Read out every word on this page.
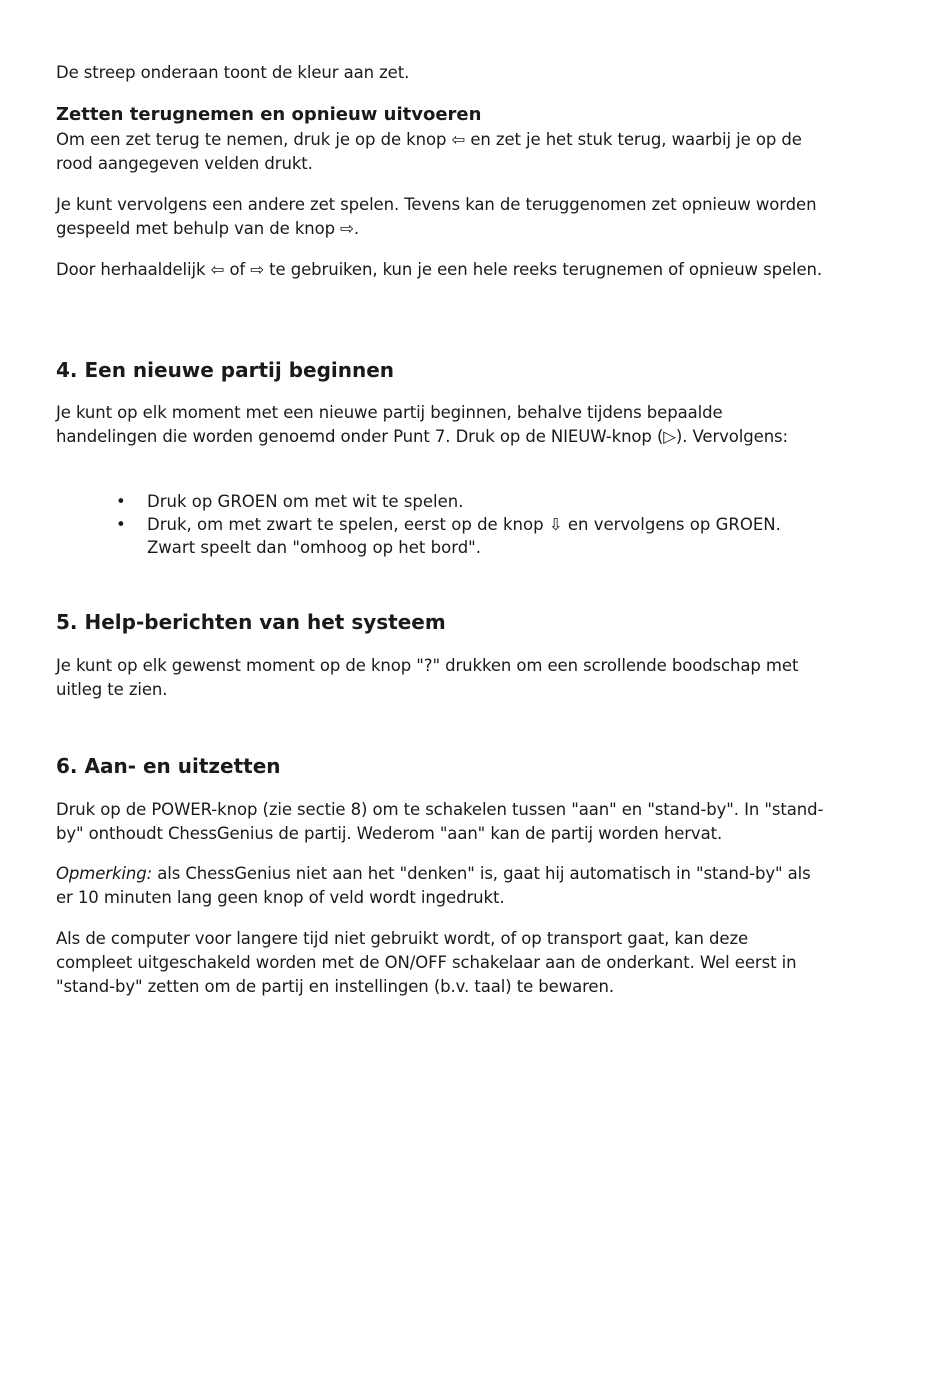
De streep onderaan toont de kleur aan zet.

Zetten terugnemen en opnieuw uitvoeren

Om een zet terug te nemen, druk je op de knop ⇦ en zet je het stuk terug, waarbij je op de rood aangegeven velden drukt.

Je kunt vervolgens een andere zet spelen. Tevens kan de teruggenomen zet opnieuw worden gespeeld met behulp van de knop ⇨.

Door herhaaldelijk ⇦ of ⇨ te gebruiken, kun je een hele reeks terugnemen of opnieuw spelen.

4. Een nieuwe partij beginnen

Je kunt op elk moment met een nieuwe partij beginnen, behalve tijdens bepaalde handelingen die worden genoemd onder Punt 7. Druk op de NIEUW-knop (▷). Vervolgens:

• Druk op GROEN om met wit te spelen.
• Druk, om met zwart te spelen, eerst op de knop ⇩ en vervolgens op GROEN. Zwart speelt dan "omhoog op het bord".
5. Help-berichten van het systeem

Je kunt op elk gewenst moment op de knop "?" drukken om een scrollende boodschap met uitleg te zien.

6. Aan- en uitzetten

Druk op de POWER-knop (zie sectie 8) om te schakelen tussen "aan" en "stand-by". In "stand-by" onthoudt ChessGenius de partij. Wederom "aan" kan de partij worden hervat.

Opmerking: als ChessGenius niet aan het "denken" is, gaat hij automatisch in "stand-by" als er 10 minuten lang geen knop of veld wordt ingedrukt.

Als de computer voor langere tijd niet gebruikt wordt, of op transport gaat, kan deze compleet uitgeschakeld worden met de ON/OFF schakelaar aan de onderkant. Wel eerst in "stand-by" zetten om de partij en instellingen (b.v. taal) te bewaren.
